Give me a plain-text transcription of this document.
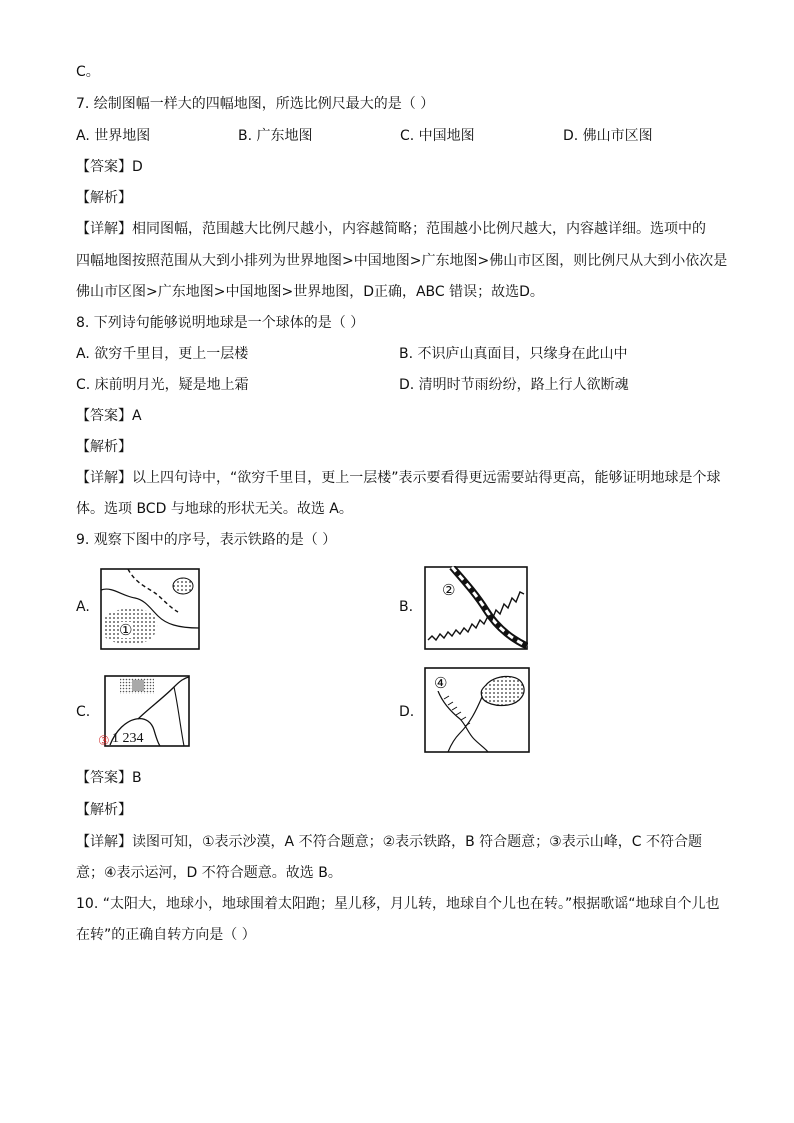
C。
7. 绘制图幅一样大的四幅地图，所选比例尺最大的是（ ）
A. 世界地图	B. 广东地图	C. 中国地图	D. 佛山市区图
【答案】D
【解析】
【详解】相同图幅，范围越大比例尺越小，内容越简略；范围越小比例尺越大，内容越详细。选项中的
四幅地图按照范围从大到小排列为世界地图>中国地图>广东地图>佛山市区图，则比例尺从大到小依次是
佛山市区图>广东地图>中国地图>世界地图，D正确，ABC 错误；故选D。
8. 下列诗句能够说明地球是一个球体的是（ ）
A. 欲穷千里目，更上一层楼	B. 不识庐山真面目，只缘身在此山中
C. 床前明月光，疑是地上霜	D. 清明时节雨纷纷，路上行人欲断魂
【答案】A
【解析】
【详解】以上四句诗中，“欲穷千里目，更上一层楼”表示要看得更远需要站得更高，能够证明地球是个球
体。选项 BCD 与地球的形状无关。故选 A。
9. 观察下图中的序号，表示铁路的是（ ）
A.
①
B.
②
C.
③ 1 234
D.
④
【答案】B
【解析】
【详解】读图可知，①表示沙漠，A 不符合题意；②表示铁路，B 符合题意；③表示山峰，C 不符合题
意；④表示运河，D 不符合题意。故选 B。
10. “太阳大，地球小，地球围着太阳跑；星儿移，月儿转，地球自个儿也在转。”根据歌谣“地球自个儿也
在转”的正确自转方向是（ ）
